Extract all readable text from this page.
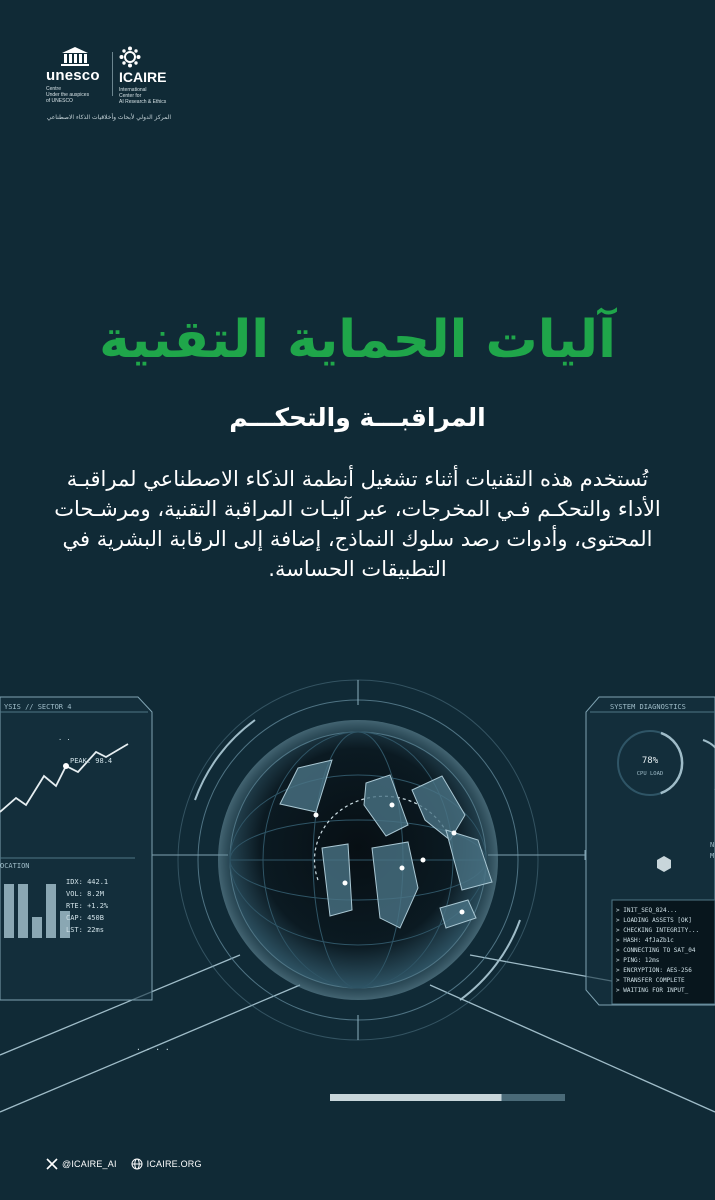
unesco
Centre
Under the auspices
of UNESCO
ICAIRE
International
Center for
AI Research & Ethics
المركز الدولي لأبحاث وأخلاقيات الذكاء الاصطناعي
آليات الحماية التقنية
المراقبـــة والتحكـــم
تُستخدم هذه التقنيات أثناء تشغيل أنظمة الذكاء الاصطناعي لمراقبـة الأداء والتحكـم فـي المخرجات، عبر آليـات المراقبة التقنية، ومرشـحات المحتوى، وأدوات رصد سلوك النماذج، إضافة إلى الرقابة البشرية في التطبيقات الحساسة.
YSIS // SECTOR 4
PEAK: 98.4
. .
OCATION
IDX: 442.1
VOL: 8.2M
RTE: +1.2%
CAP: 450B
LST: 22ms
SYSTEM DIAGNOSTICS
78%
CPU LOAD
N
M
> INIT_SEQ_824...
> LOADING ASSETS [OK]
> CHECKING INTEGRITY...
> HASH: 4fJaZb1c
> CONNECTING TO SAT_04
> PING: 12ms
> ENCRYPTION: AES-256
> TRANSFER COMPLETE
> WAITING FOR INPUT_
. . . .
@ICAIRE_AI	ICAIRE.ORG
